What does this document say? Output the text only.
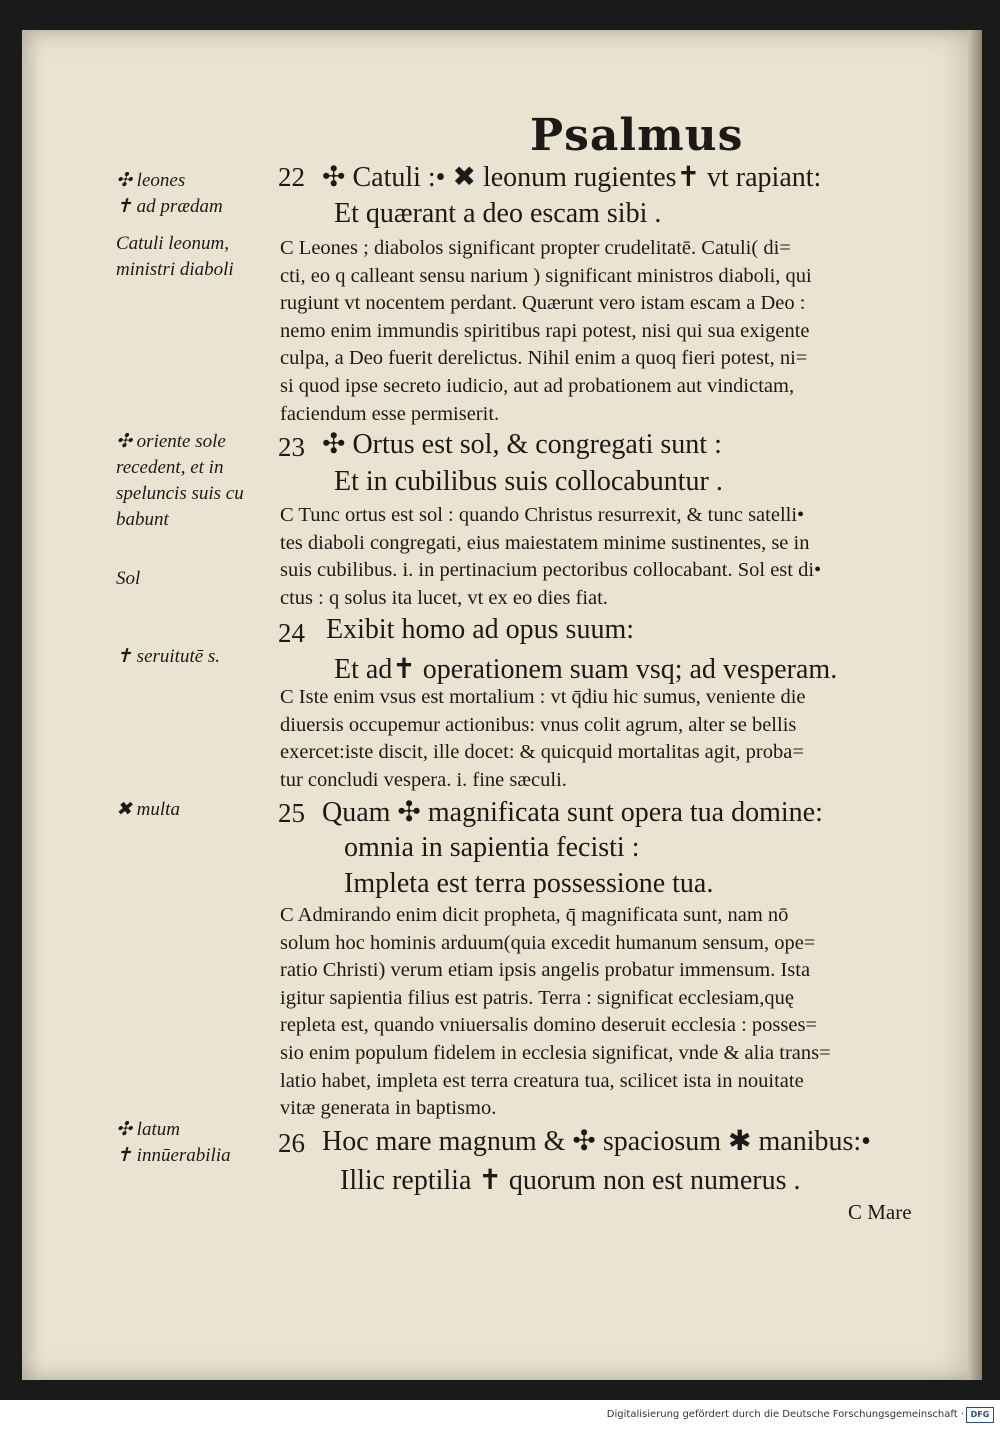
Psalmus
✣ leones
✝ ad prædam
Catuli leonum,
ministri diaboli
✣ oriente sole
recedent, et in
speluncis suis cu
babunt
Sol
✝ seruitutē s.
✖ multa
✣ latum
✝ innūerabilia
22 ✣ Catuli :• ✖ leonum rugientes✝ vt rapiant:
Et quærant a deo escam sibi .
C Leones ; diabolos significant propter crudelitatē. Catuli( di=
cti, eo q calleant sensu narium ) significant ministros diaboli, qui
rugiunt vt nocentem perdant. Quærunt vero istam escam a Deo :
nemo enim immundis spiritibus rapi potest, nisi qui sua exigente
culpa, a Deo fuerit derelictus. Nihil enim a quoq fieri potest, ni=
si quod ipse secreto iudicio, aut ad probationem aut vindictam,
faciendum esse permiserit.
23 ✣ Ortus est sol, & congregati sunt :
Et in cubilibus suis collocabuntur .
C Tunc ortus est sol : quando Christus resurrexit, & tunc satelli•
tes diaboli congregati, eius maiestatem minime sustinentes, se in
suis cubilibus. i. in pertinacium pectoribus collocabant. Sol est di•
ctus : q solus ita lucet, vt ex eo dies fiat.
24 Exibit homo ad opus suum:
Et ad✝ operationem suam vsq; ad vesperam.
C Iste enim vsus est mortalium : vt q̄diu hic sumus, veniente die
diuersis occupemur actionibus: vnus colit agrum, alter se bellis
exercet:iste discit, ille docet: & quicquid mortalitas agit, proba=
tur concludi vespera. i. fine sæculi.
25 Quam ✣ magnificata sunt opera tua domine:
omnia in sapientia fecisti :
Impleta est terra possessione tua.
C Admirando enim dicit propheta, q̄ magnificata sunt, nam nō
solum hoc hominis arduum(quia excedit humanum sensum, ope=
ratio Christi) verum etiam ipsis angelis probatur immensum. Ista
igitur sapientia filius est patris. Terra : significat ecclesiam,quę
repleta est, quando vniuersalis domino deseruit ecclesia : posses=
sio enim populum fidelem in ecclesia significat, vnde & alia trans=
latio habet, impleta est terra creatura tua, scilicet ista in nouitate
vitæ generata in baptismo.
26 Hoc mare magnum & ✣ spaciosum ✱ manibus:•
Illic reptilia ✝ quorum non est numerus .
C Mare
Digitalisierung gefördert durch die Deutsche Forschungsgemeinschaft · DFG
